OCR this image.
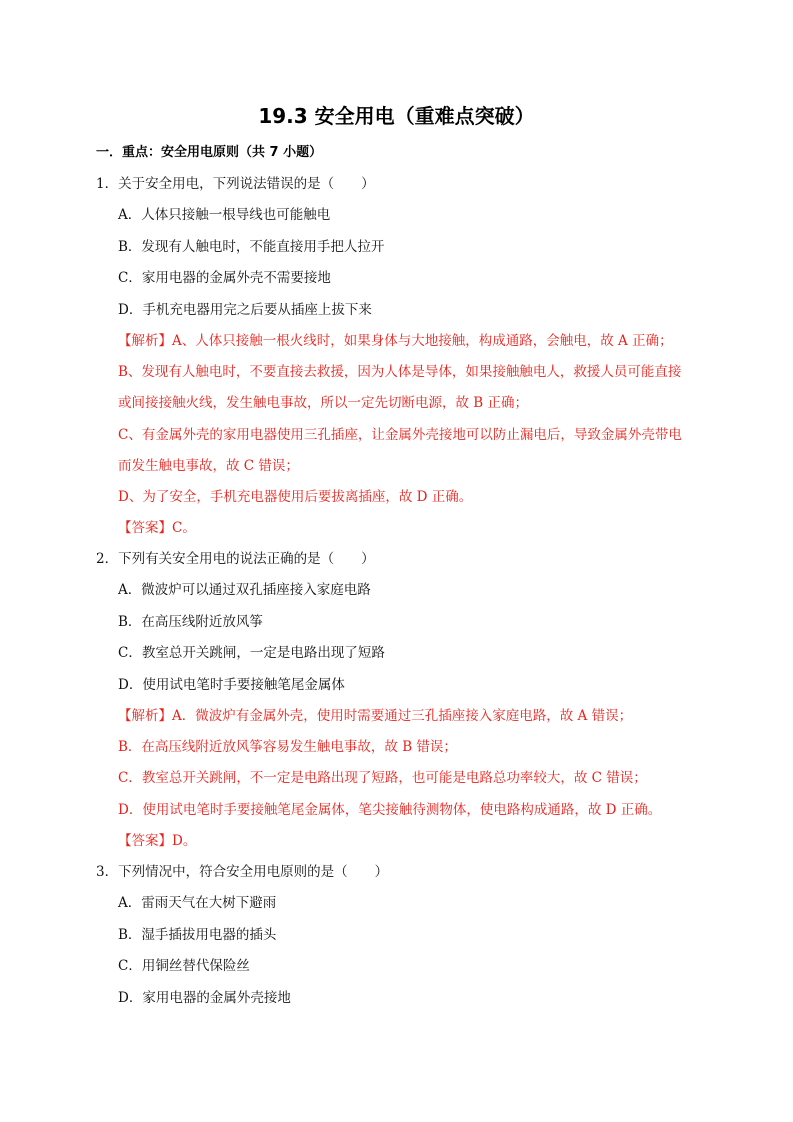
19.3 安全用电（重难点突破）
一．重点：安全用电原则（共 7 小题）
1．关于安全用电，下列说法错误的是（　　）
A．人体只接触一根导线也可能触电
B．发现有人触电时，不能直接用手把人拉开
C．家用电器的金属外壳不需要接地
D．手机充电器用完之后要从插座上拔下来
【解析】A、人体只接触一根火线时，如果身体与大地接触，构成通路，会触电，故 A 正确；
B、发现有人触电时，不要直接去救援，因为人体是导体，如果接触触电人，救援人员可能直接
或间接接触火线，发生触电事故，所以一定先切断电源，故 B 正确；
C、有金属外壳的家用电器使用三孔插座，让金属外壳接地可以防止漏电后，导致金属外壳带电
而发生触电事故，故 C 错误；
D、为了安全，手机充电器使用后要拔离插座，故 D 正确。
【答案】C。
2．下列有关安全用电的说法正确的是（　　）
A．微波炉可以通过双孔插座接入家庭电路
B．在高压线附近放风筝
C．教室总开关跳闸，一定是电路出现了短路
D．使用试电笔时手要接触笔尾金属体
【解析】A．微波炉有金属外壳，使用时需要通过三孔插座接入家庭电路，故 A 错误；
B．在高压线附近放风筝容易发生触电事故，故 B 错误；
C．教室总开关跳闸，不一定是电路出现了短路，也可能是电路总功率较大，故 C 错误；
D．使用试电笔时手要接触笔尾金属体，笔尖接触待测物体，使电路构成通路，故 D 正确。
【答案】D。
3．下列情况中，符合安全用电原则的是（　　）
A．雷雨天气在大树下避雨
B．湿手插拔用电器的插头
C．用铜丝替代保险丝
D．家用电器的金属外壳接地
